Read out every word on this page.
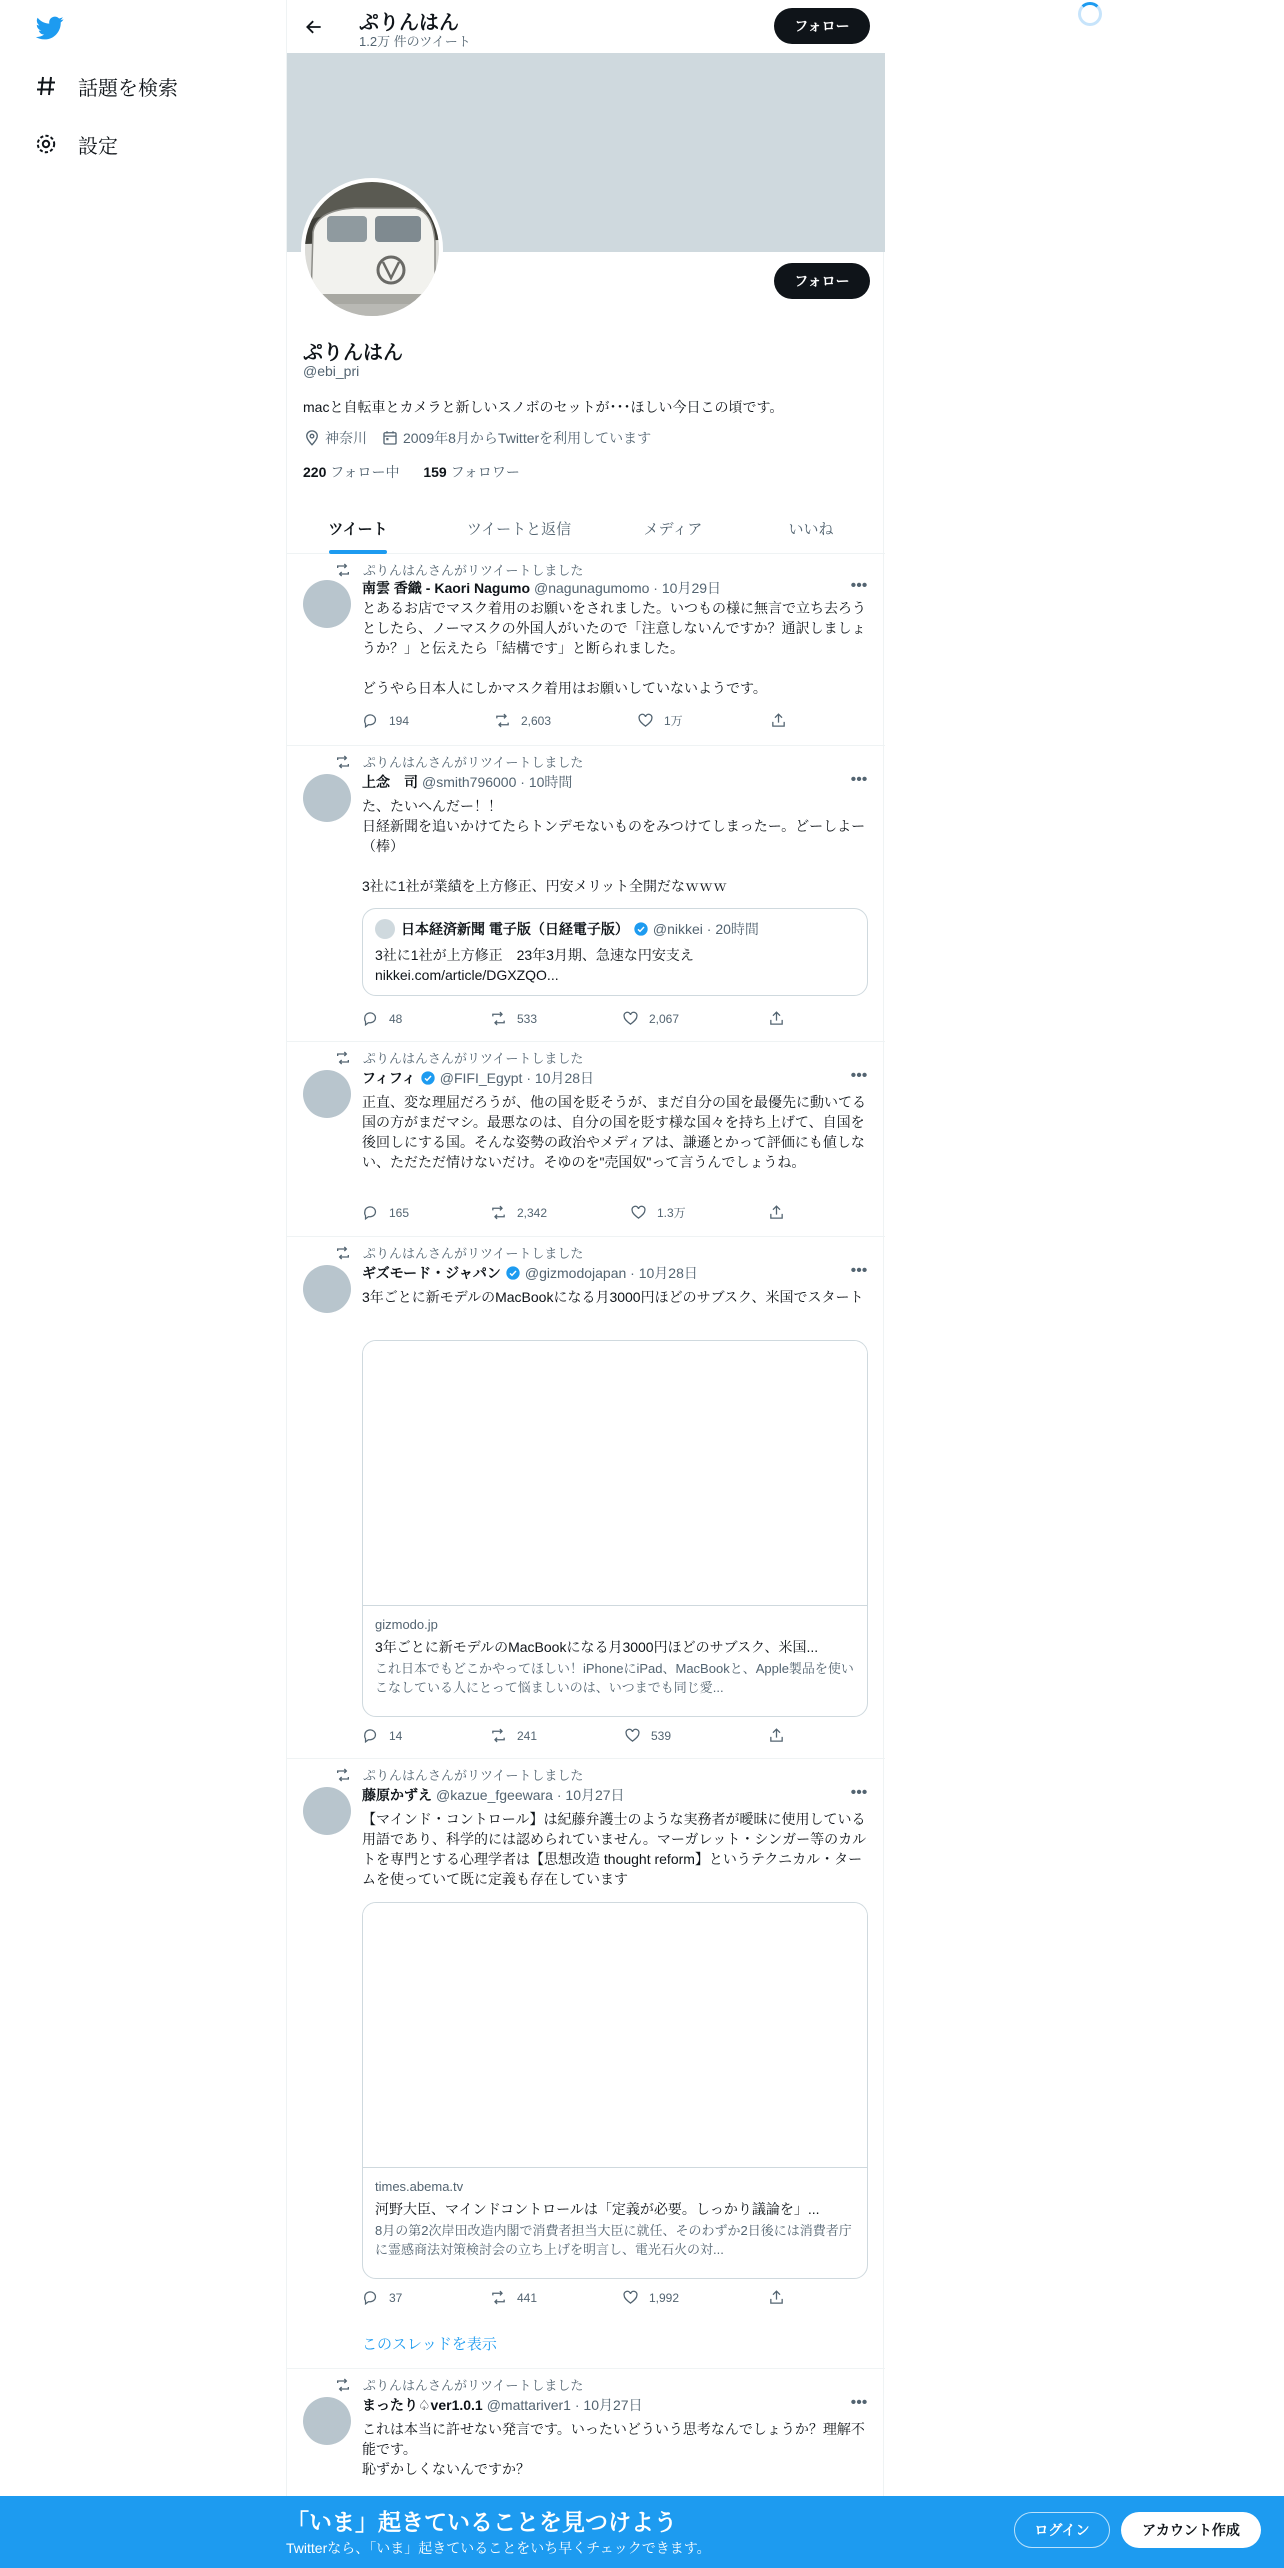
話題を検索
設定
ぷりんはん
1.2万 件のツイート
フォロー
フォロー
ぷりんはん
@ebi_pri
macと自転車とカメラと新しいスノボのセットが･･･ほしい今日この頃です。
神奈川	2009年8月からTwitterを利用しています
220 フォロー中 159 フォロワー
ツイート	ツイートと返信	メディア	いいね
ぷりんはんさんがリツイートしました
南雲 香織 - Kaori Nagumo @nagunagumomo · 10月29日	•••
とあるお店でマスク着用のお願いをされました。いつもの様に無言で立ち去ろうとしたら、ノーマスクの外国人がいたので「注意しないんですか？通訳しましょうか？」と伝えたら「結構です」と断られました。

どうやら日本人にしかマスク着用はお願いしていないようです。
194	2,603	1万
ぷりんはんさんがリツイートしました
上念　司 @smith796000 · 10時間	•••
た、たいへんだー！！
日経新聞を追いかけてたらトンデモないものをみつけてしまったー。どーしよー（棒）

3社に1社が業績を上方修正、円安メリット全開だなｗｗｗ
日本経済新聞 電子版（日経電子版） @nikkei · 20時間
3社に1社が上方修正　23年3月期、急速な円安支え
nikkei.com/article/DGXZQO...
48	533	2,067
ぷりんはんさんがリツイートしました
フィフィ @FIFI_Egypt · 10月28日	•••
正直、変な理屈だろうが、他の国を貶そうが、まだ自分の国を最優先に動いてる国の方がまだマシ。最悪なのは、自分の国を貶す様な国々を持ち上げて、自国を後回しにする国。そんな姿勢の政治やメディアは、謙遜とかって評価にも値しない、ただただ情けないだけ。そゆのを"売国奴"って言うんでしょうね。
165	2,342	1.3万
ぷりんはんさんがリツイートしました
ギズモード・ジャパン @gizmodojapan · 10月28日	•••
3年ごとに新モデルのMacBookになる月3000円ほどのサブスク、米国でスタート
gizmodo.jp
3年ごとに新モデルのMacBookになる月3000円ほどのサブスク、米国...
これ日本でもどこかやってほしい！iPhoneにiPad、MacBookと、Apple製品を使いこなしている人にとって悩ましいのは、いつまでも同じ愛...
14	241	539
ぷりんはんさんがリツイートしました
藤原かずえ @kazue_fgeewara · 10月27日	•••
【マインド・コントロール】は紀藤弁護士のような実務者が曖昧に使用している用語であり、科学的には認められていません。マーガレット・シンガー等のカルトを専門とする心理学者は【思想改造 thought reform】というテクニカル・タームを使っていて既に定義も存在しています
times.abema.tv
河野大臣、マインドコントロールは「定義が必要。しっかり議論を」...
8月の第2次岸田改造内閣で消費者担当大臣に就任、そのわずか2日後には消費者庁に霊感商法対策検討会の立ち上げを明言し、電光石火の対...
37	441	1,992
このスレッドを表示
ぷりんはんさんがリツイートしました
まったり♤ver1.0.1 @mattariver1 · 10月27日	•••
これは本当に許せない発言です。いったいどういう思考なんでしょうか？理解不能です。
恥ずかしくないんですか？
「いま」起きていることを見つけよう
Twitterなら、「いま」起きていることをいち早くチェックできます。
ログイン	アカウント作成
